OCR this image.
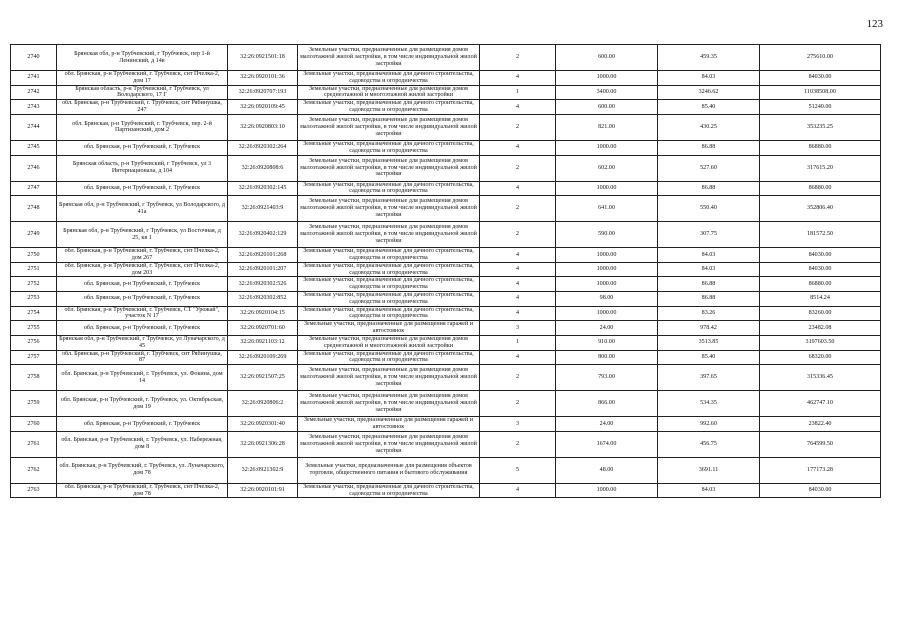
123
2740	Брянская обл, р-н Трубчевский, г Трубчевск, пер 1-й Ленинский, д 14в	32:26:0921501:18	Земельные участки, предназначенные для размещения домов малоэтажной жилой застройки, в том числе индивидуальной жилой застройки	2	600.00	459.35	275610.00
2741	обл. Брянская, р-н Трубчевский, г. Трубчевск, снт Пчелка-2, дом 17	32:26:0920101:36	Земельные участки, предназначенные для дачного строительства, садоводства и огородничества	4	1000.00	84.03	84030.00
2742	Брянская область, р-н Трубчевский, г Трубчевск, ул Володарского, 17 Г	32:26:0920707:193	Земельные участки, предназначенные для размещения домов среднеэтажной и многоэтажной жилой застройки	1	3400.00	3246.62	11038508.00
2743	обл. Брянская, р-н Трубчевский, г. Трубчевск, снт Рябинушка, 247	32:26:0920109:45	Земельные участки, предназначенные для дачного строительства, садоводства и огородничества	4	600.00	85.40	51240.00
2744	обл. Брянская, р-н Трубчевский, г. Трубчевск, пер. 2-й Партизанский, дом 2	32:26:0920803:10	Земельные участки, предназначенные для размещения домов малоэтажной жилой застройки, в том числе индивидуальной жилой застройки	2	821.00	430.25	353235.25
2745	обл. Брянская, р-н Трубчевский, г. Трубчевск	32:26:0920302:264	Земельные участки, предназначенные для дачного строительства, садоводства и огородничества	4	1000.00	86.88	86880.00
2746	Брянская область, р-н Трубчевский, г Трубчевск, ул 3 Интернационала, д 104	32:26:0920808:6	Земельные участки, предназначенные для размещения домов малоэтажной жилой застройки, в том числе индивидуальной жилой застройки	2	602.00	527.60	317615.20
2747	обл. Брянская, р-н Трубчевский, г. Трубчевск	32:26:0920302:145	Земельные участки, предназначенные для дачного строительства, садоводства и огородничества	4	1000.00	86.88	86880.00
2748	Брянская обл, р-н Трубчевский, г Трубчевск, ул Володарского, д 41а	32:26:0921403:9	Земельные участки, предназначенные для размещения домов малоэтажной жилой застройки, в том числе индивидуальной жилой застройки	2	641.00	550.40	352806.40
2749	Брянская обл, р-н Трубчевский, г Трубчевск, ул Восточная, д 25, кв 1	32:26:0920402:129	Земельные участки, предназначенные для размещения домов малоэтажной жилой застройки, в том числе индивидуальной жилой застройки	2	590.00	307.75	181572.50
2750	обл. Брянская, р-н Трубчевский, г. Трубчевск, снт Пчелка-2, дом 267	32:26:0920101:268	Земельные участки, предназначенные для дачного строительства, садоводства и огородничества	4	1000.00	84.03	84030.00
2751	обл. Брянская, р-н Трубчевский, г. Трубчевск, снт Пчелка-2, дом 203	32:26:0920101:207	Земельные участки, предназначенные для дачного строительства, садоводства и огородничества	4	1000.00	84.03	84030.00
2752	обл. Брянская, р-н Трубчевский, г. Трубчевск	32:26:0920302:526	Земельные участки, предназначенные для дачного строительства, садоводства и огородничества	4	1000.00	86.88	86880.00
2753	обл. Брянская, р-н Трубчевский, г. Трубчевск	32:26:0920302:852	Земельные участки, предназначенные для дачного строительства, садоводства и огородничества	4	98.00	86.88	8514.24
2754	обл. Брянская, р-н Трубчевский, г. Трубчевск, СТ "Урожай", участок N 17	32:26:0920104:15	Земельные участки, предназначенные для дачного строительства, садоводства и огородничества	4	1000.00	83.26	83260.00
2755	обл. Брянская, р-н Трубчевский, г. Трубчевск	32:26:0920701:60	Земельные участки, предназначенные для размещения гаражей и автостоянок	3	24.00	978.42	23482.08
2756	Брянская обл, р-н Трубчевский, г Трубчевск, ул Луначарского, д 45	32:26:0921103:12	Земельные участки, предназначенные для размещения домов среднеэтажной и многоэтажной жилой застройки	1	910.00	3513.85	3197603.50
2757	обл. Брянская, р-н Трубчевский, г. Трубчевск, снт Рябинушка, 87	32:26:0920109:269	Земельные участки, предназначенные для дачного строительства, садоводства и огородничества	4	800.00	85.40	68320.00
2758	обл. Брянская, р-н Трубчевский, г. Трубчевск, ул. Фокина, дом 14	32:26:0921507:25	Земельные участки, предназначенные для размещения домов малоэтажной жилой застройки, в том числе индивидуальной жилой застройки	2	793.00	397.65	315336.45
2759	обл. Брянская, р-н Трубчевский, г. Трубчевск, ул. Октябрьская, дом 19	32:26:0920806:2	Земельные участки, предназначенные для размещения домов малоэтажной жилой застройки, в том числе индивидуальной жилой застройки	2	866.00	534.35	462747.10
2760	обл. Брянская, р-н Трубчевский, г. Трубчевск	32:26:0920301:40	Земельные участки, предназначенные для размещения гаражей и автостоянок	3	24.00	992.60	23822.40
2761	обл. Брянская, р-н Трубчевский, г. Трубчевск, ул. Набережная, дом 8	32:26:0921306:28	Земельные участки, предназначенные для размещения домов малоэтажной жилой застройки, в том числе индивидуальной жилой застройки	2	1674.00	456.75	764599.50
2762	обл. Брянская, р-н Трубчевский, г. Трубчевск, ул. Луначарского, дом 78	32:26:0921302:9	Земельные участки, предназначенные для размещения объектов торговли, общественного питания и бытового обслуживания	5	48.00	3691.11	177173.28
2763	обл. Брянская, р-н Трубчевский, г. Трубчевск, снт Пчелка-2, дом 78	32:26:0920101:91	Земельные участки, предназначенные для дачного строительства, садоводства и огородничества	4	1000.00	84.03	84030.00
